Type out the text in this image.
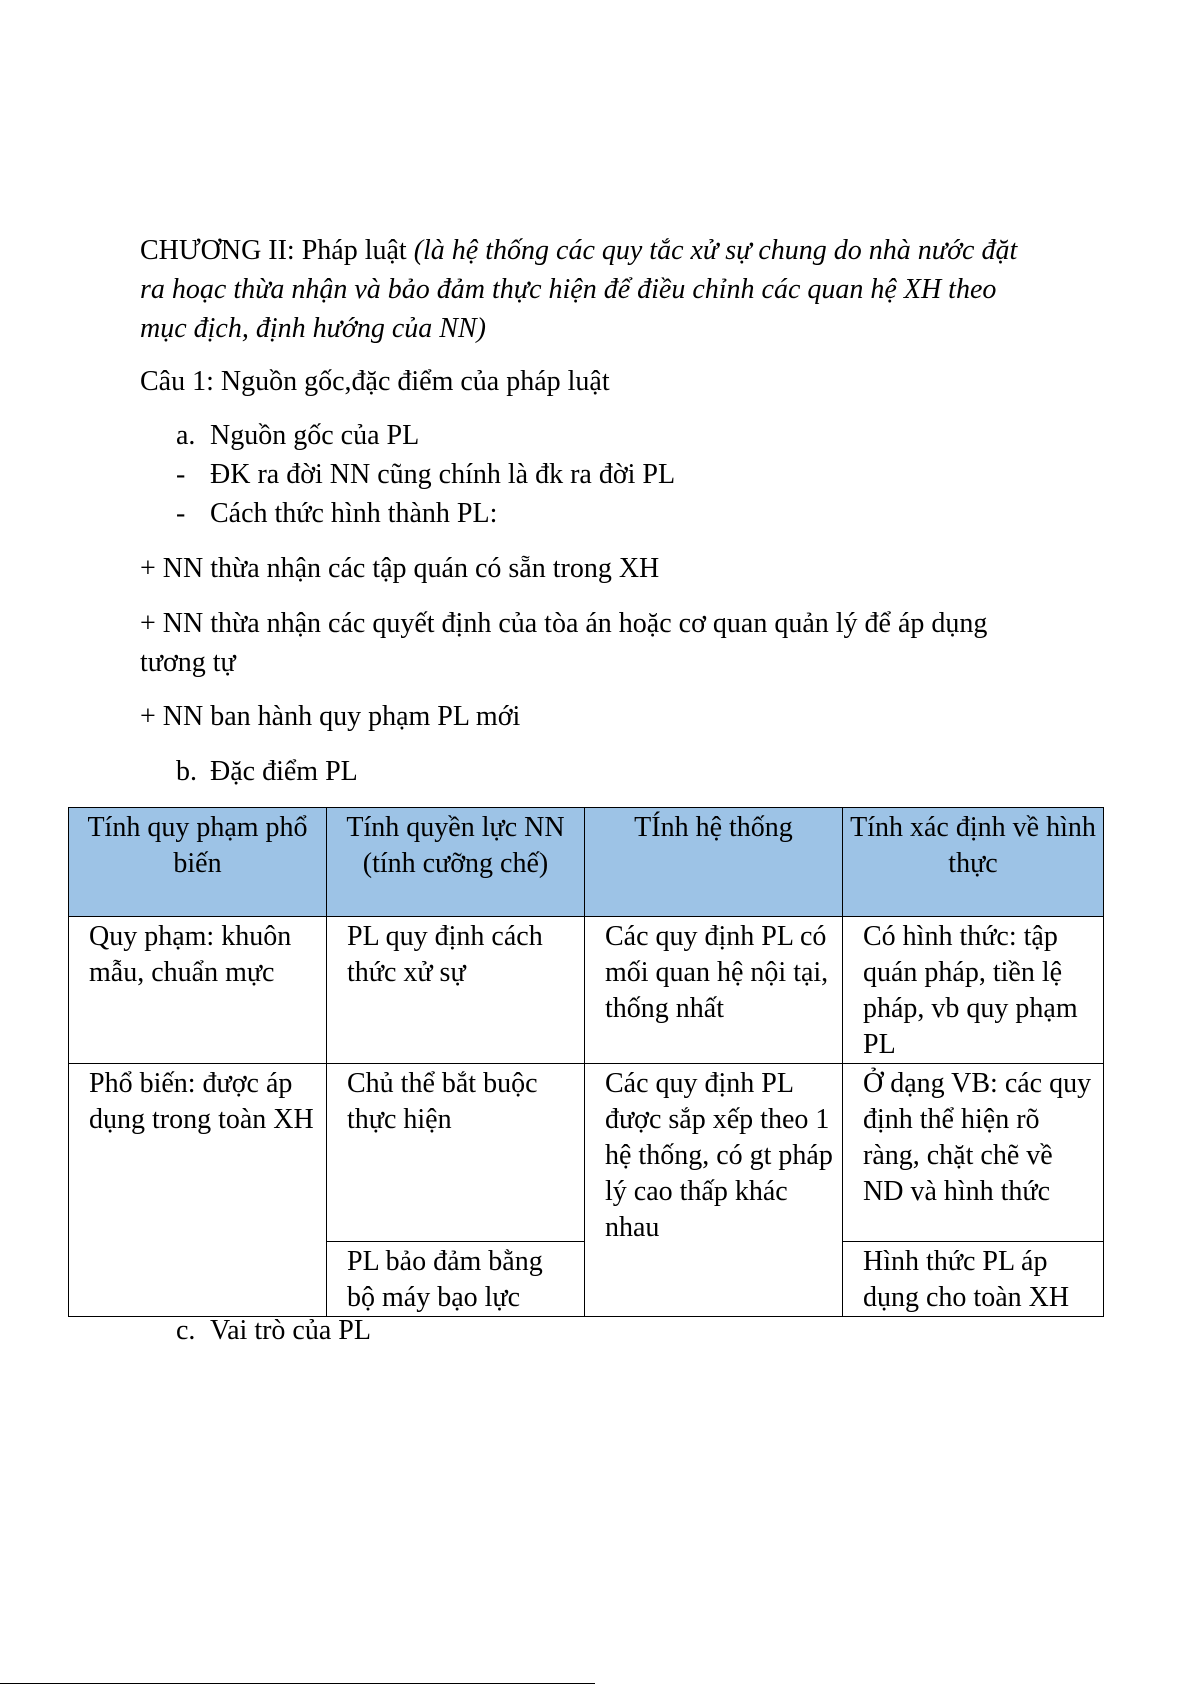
CHƯƠNG II: Pháp luật (là hệ thống các quy tắc xử sự chung do nhà nước đặt ra hoạc thừa nhận và bảo đảm thực hiện để điều chỉnh các quan hệ XH theo mục địch, định hướng của NN)
Câu 1: Nguồn gốc,đặc điểm của pháp luật
a. Nguồn gốc của PL
- ĐK ra đời NN cũng chính là đk ra đời PL
- Cách thức hình thành PL:
+ NN thừa nhận các tập quán có sẵn trong XH
+ NN thừa nhận các quyết định của tòa án hoặc cơ quan quản lý để áp dụng tương tự
+ NN ban hành quy phạm PL mới
b. Đặc điểm PL
Tính quy phạm phổ biến	Tính quyền lực NN (tính cưỡng chế)	TÍnh hệ thống	Tính xác định về hình thực
Quy phạm: khuôn mẫu, chuẩn mực	PL quy định cách thức xử sự	Các quy định PL có mối quan hệ nội tại, thống nhất	Có hình thức: tập quán pháp, tiền lệ pháp, vb quy phạm PL
Phổ biến: được áp dụng trong toàn XH	Chủ thể bắt buộc thực hiện	Các quy định PL được sắp xếp theo 1 hệ thống, có gt pháp lý cao thấp khác nhau	Ở dạng VB: các quy định thể hiện rõ ràng, chặt chẽ về ND và hình thức
	PL bảo đảm bằng bộ máy bạo lực		Hình thức PL áp dụng cho toàn XH
c. Vai trò của PL
